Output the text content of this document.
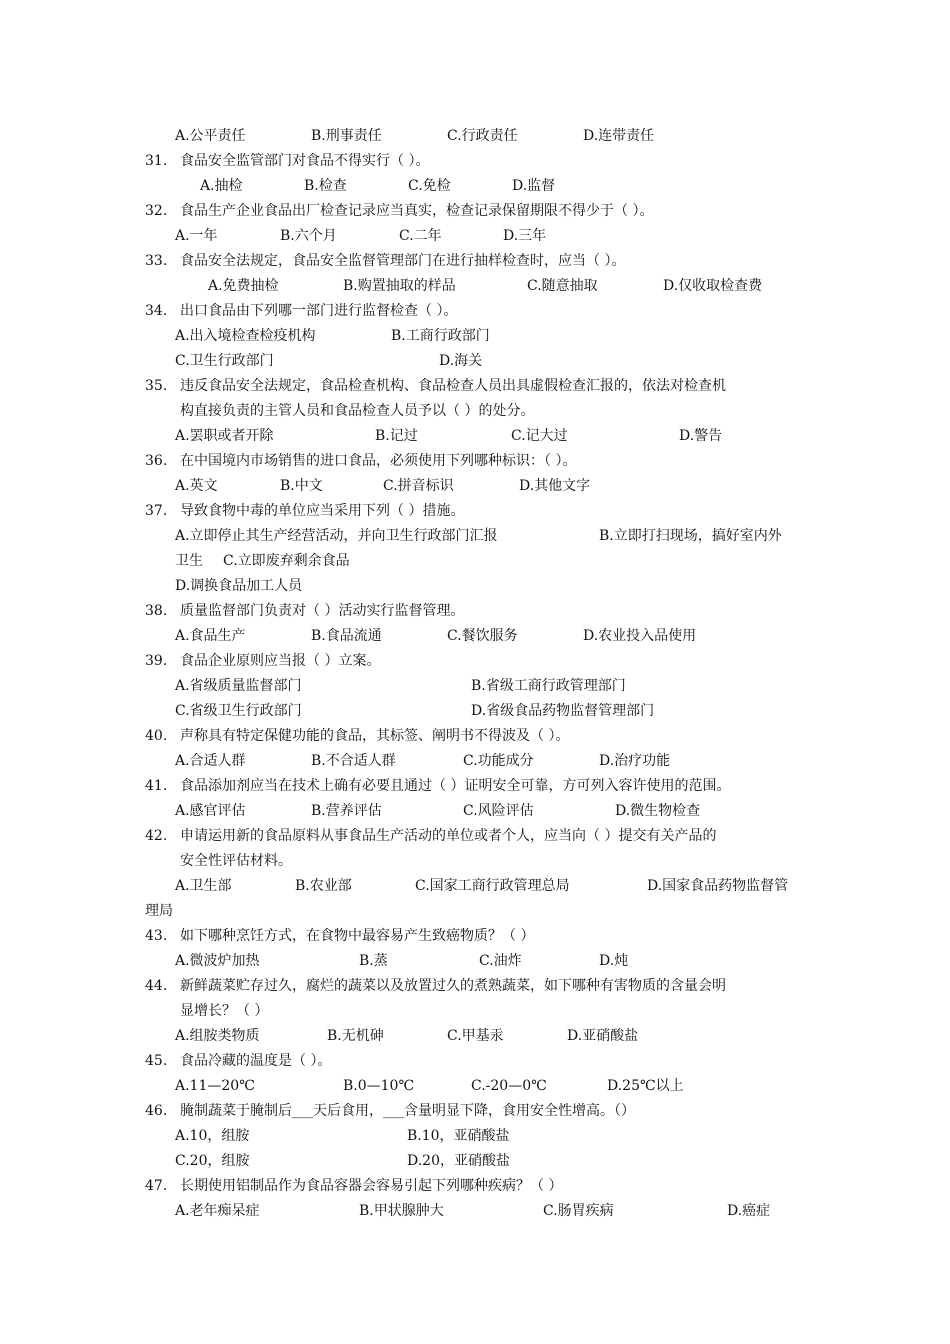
A.公平责任	B.刑事责任	C.行政责任	D.连带责任
31. 食品安全监管部门对食品不得实行（ ）。
A.抽检	B.检查	C.免检	D.监督
32. 食品生产企业食品出厂检查记录应当真实，检查记录保留期限不得少于（ ）。
A.一年	B.六个月	C.二年	D.三年
33. 食品安全法规定，食品安全监督管理部门在进行抽样检查时，应当（ ）。
A.免费抽检	B.购置抽取的样品	C.随意抽取	D.仅收取检查费
34. 出口食品由下列哪一部门进行监督检查（ ）。
A.出入境检查检疫机构	B.工商行政部门
C.卫生行政部门	D.海关
35. 违反食品安全法规定，食品检查机构、食品检查人员出具虚假检查汇报的，依法对检查机
构直接负责的主管人员和食品检查人员予以（ ）的处分。
A.罢职或者开除	B.记过	C.记大过	D.警告
36. 在中国境内市场销售的进口食品，必须使用下列哪种标识：（ ）。
A.英文	B.中文	C.拼音标识	D.其他文字
37. 导致食物中毒的单位应当采用下列（ ）措施。
A.立即停止其生产经营活动，并向卫生行政部门汇报	B.立即打扫现场，搞好室内外
卫生 C.立即废弃剩余食品
D.调换食品加工人员
38. 质量监督部门负责对（ ）活动实行监督管理。
A.食品生产	B.食品流通	C.餐饮服务	D.农业投入品使用
39. 食品企业原则应当报（ ）立案。
A.省级质量监督部门	B.省级工商行政管理部门
C.省级卫生行政部门	D.省级食品药物监督管理部门
40. 声称具有特定保健功能的食品，其标签、阐明书不得波及（ ）。
A.合适人群	B.不合适人群	C.功能成分	D.治疗功能
41. 食品添加剂应当在技术上确有必要且通过（ ）证明安全可靠，方可列入容许使用的范围。
A.感官评估	B.营养评估	C.风险评估	D.微生物检查
42. 申请运用新的食品原料从事食品生产活动的单位或者个人，应当向（ ）提交有关产品的
安全性评估材料。
A.卫生部	B.农业部	C.国家工商行政管理总局	D.国家食品药物监督管
理局
43. 如下哪种烹饪方式，在食物中最容易产生致癌物质？（ ）
A.微波炉加热	B.蒸	C.油炸	D.炖
44. 新鲜蔬菜贮存过久，腐烂的蔬菜以及放置过久的煮熟蔬菜，如下哪种有害物质的含量会明
显增长？（ ）
A.组胺类物质	B.无机砷	C.甲基汞	D.亚硝酸盐
45. 食品冷藏的温度是（ ）。
A.11—20℃	B.0—10℃	C.-20—0℃	D.25℃以上
46. 腌制蔬菜于腌制后___天后食用，___含量明显下降，食用安全性增高。（）
A.10，组胺	B.10，亚硝酸盐
C.20，组胺	D.20，亚硝酸盐
47. 长期使用铝制品作为食品容器会容易引起下列哪种疾病？（ ）
A.老年痴呆症	B.甲状腺肿大	C.肠胃疾病	D.癌症
